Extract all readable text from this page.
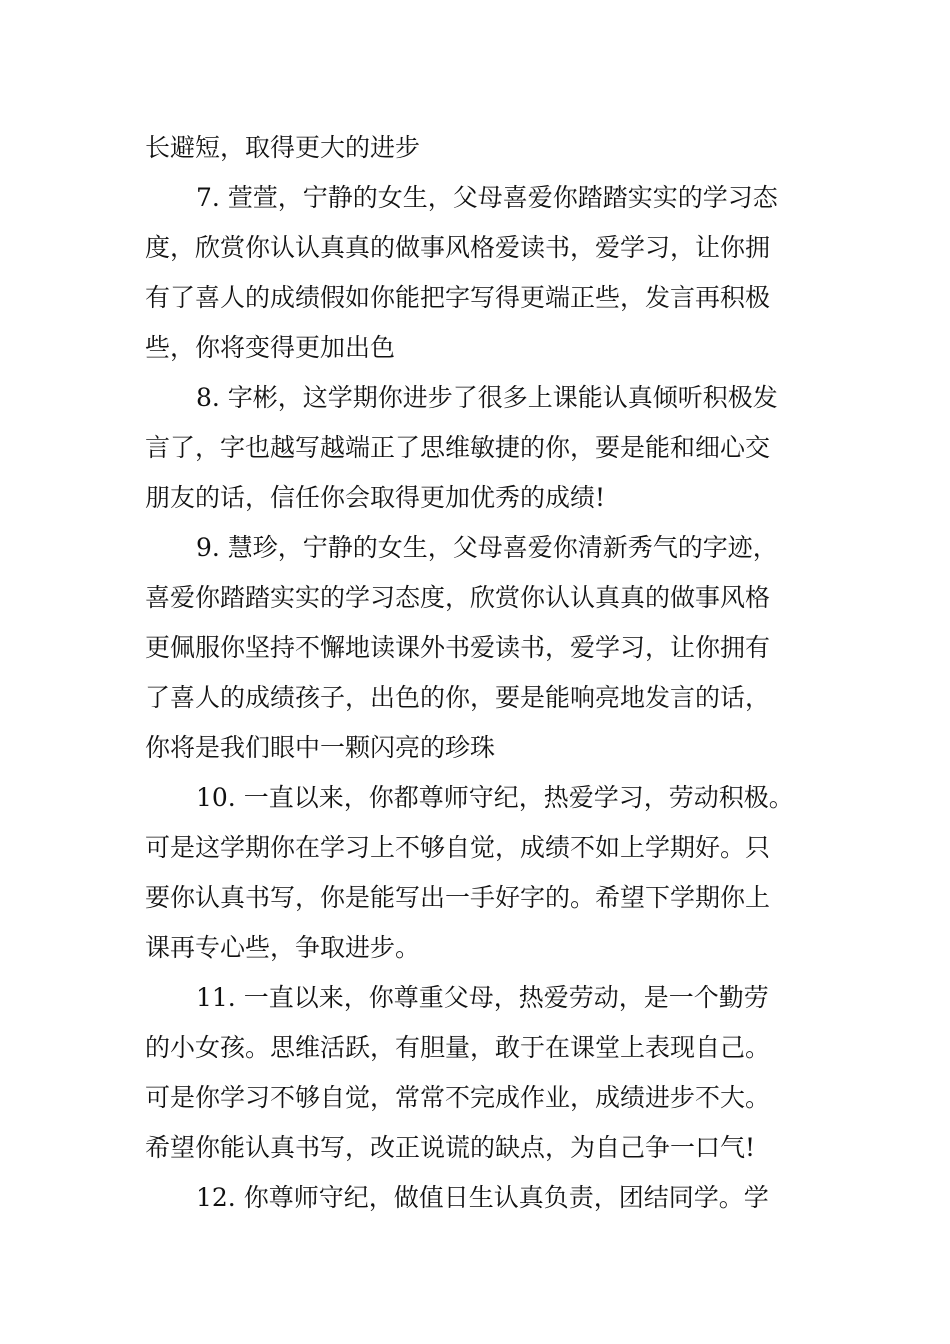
长避短，取得更大的进步
7. 萱萱，宁静的女生，父母喜爱你踏踏实实的学习态
度，欣赏你认认真真的做事风格爱读书，爱学习，让你拥
有了喜人的成绩假如你能把字写得更端正些，发言再积极
些，你将变得更加出色
8. 字彬，这学期你进步了很多上课能认真倾听积极发
言了，字也越写越端正了思维敏捷的你，要是能和细心交
朋友的话，信任你会取得更加优秀的成绩!
9. 慧珍，宁静的女生，父母喜爱你清新秀气的字迹，
喜爱你踏踏实实的学习态度，欣赏你认认真真的做事风格
更佩服你坚持不懈地读课外书爱读书，爱学习，让你拥有
了喜人的成绩孩子，出色的你，要是能响亮地发言的话，
你将是我们眼中一颗闪亮的珍珠
10. 一直以来，你都尊师守纪，热爱学习，劳动积极。
可是这学期你在学习上不够自觉，成绩不如上学期好。只
要你认真书写，你是能写出一手好字的。希望下学期你上
课再专心些，争取进步。
11. 一直以来，你尊重父母，热爱劳动，是一个勤劳
的小女孩。思维活跃，有胆量，敢于在课堂上表现自己。
可是你学习不够自觉，常常不完成作业，成绩进步不大。
希望你能认真书写，改正说谎的缺点，为自己争一口气!
12. 你尊师守纪，做值日生认真负责，团结同学。学
